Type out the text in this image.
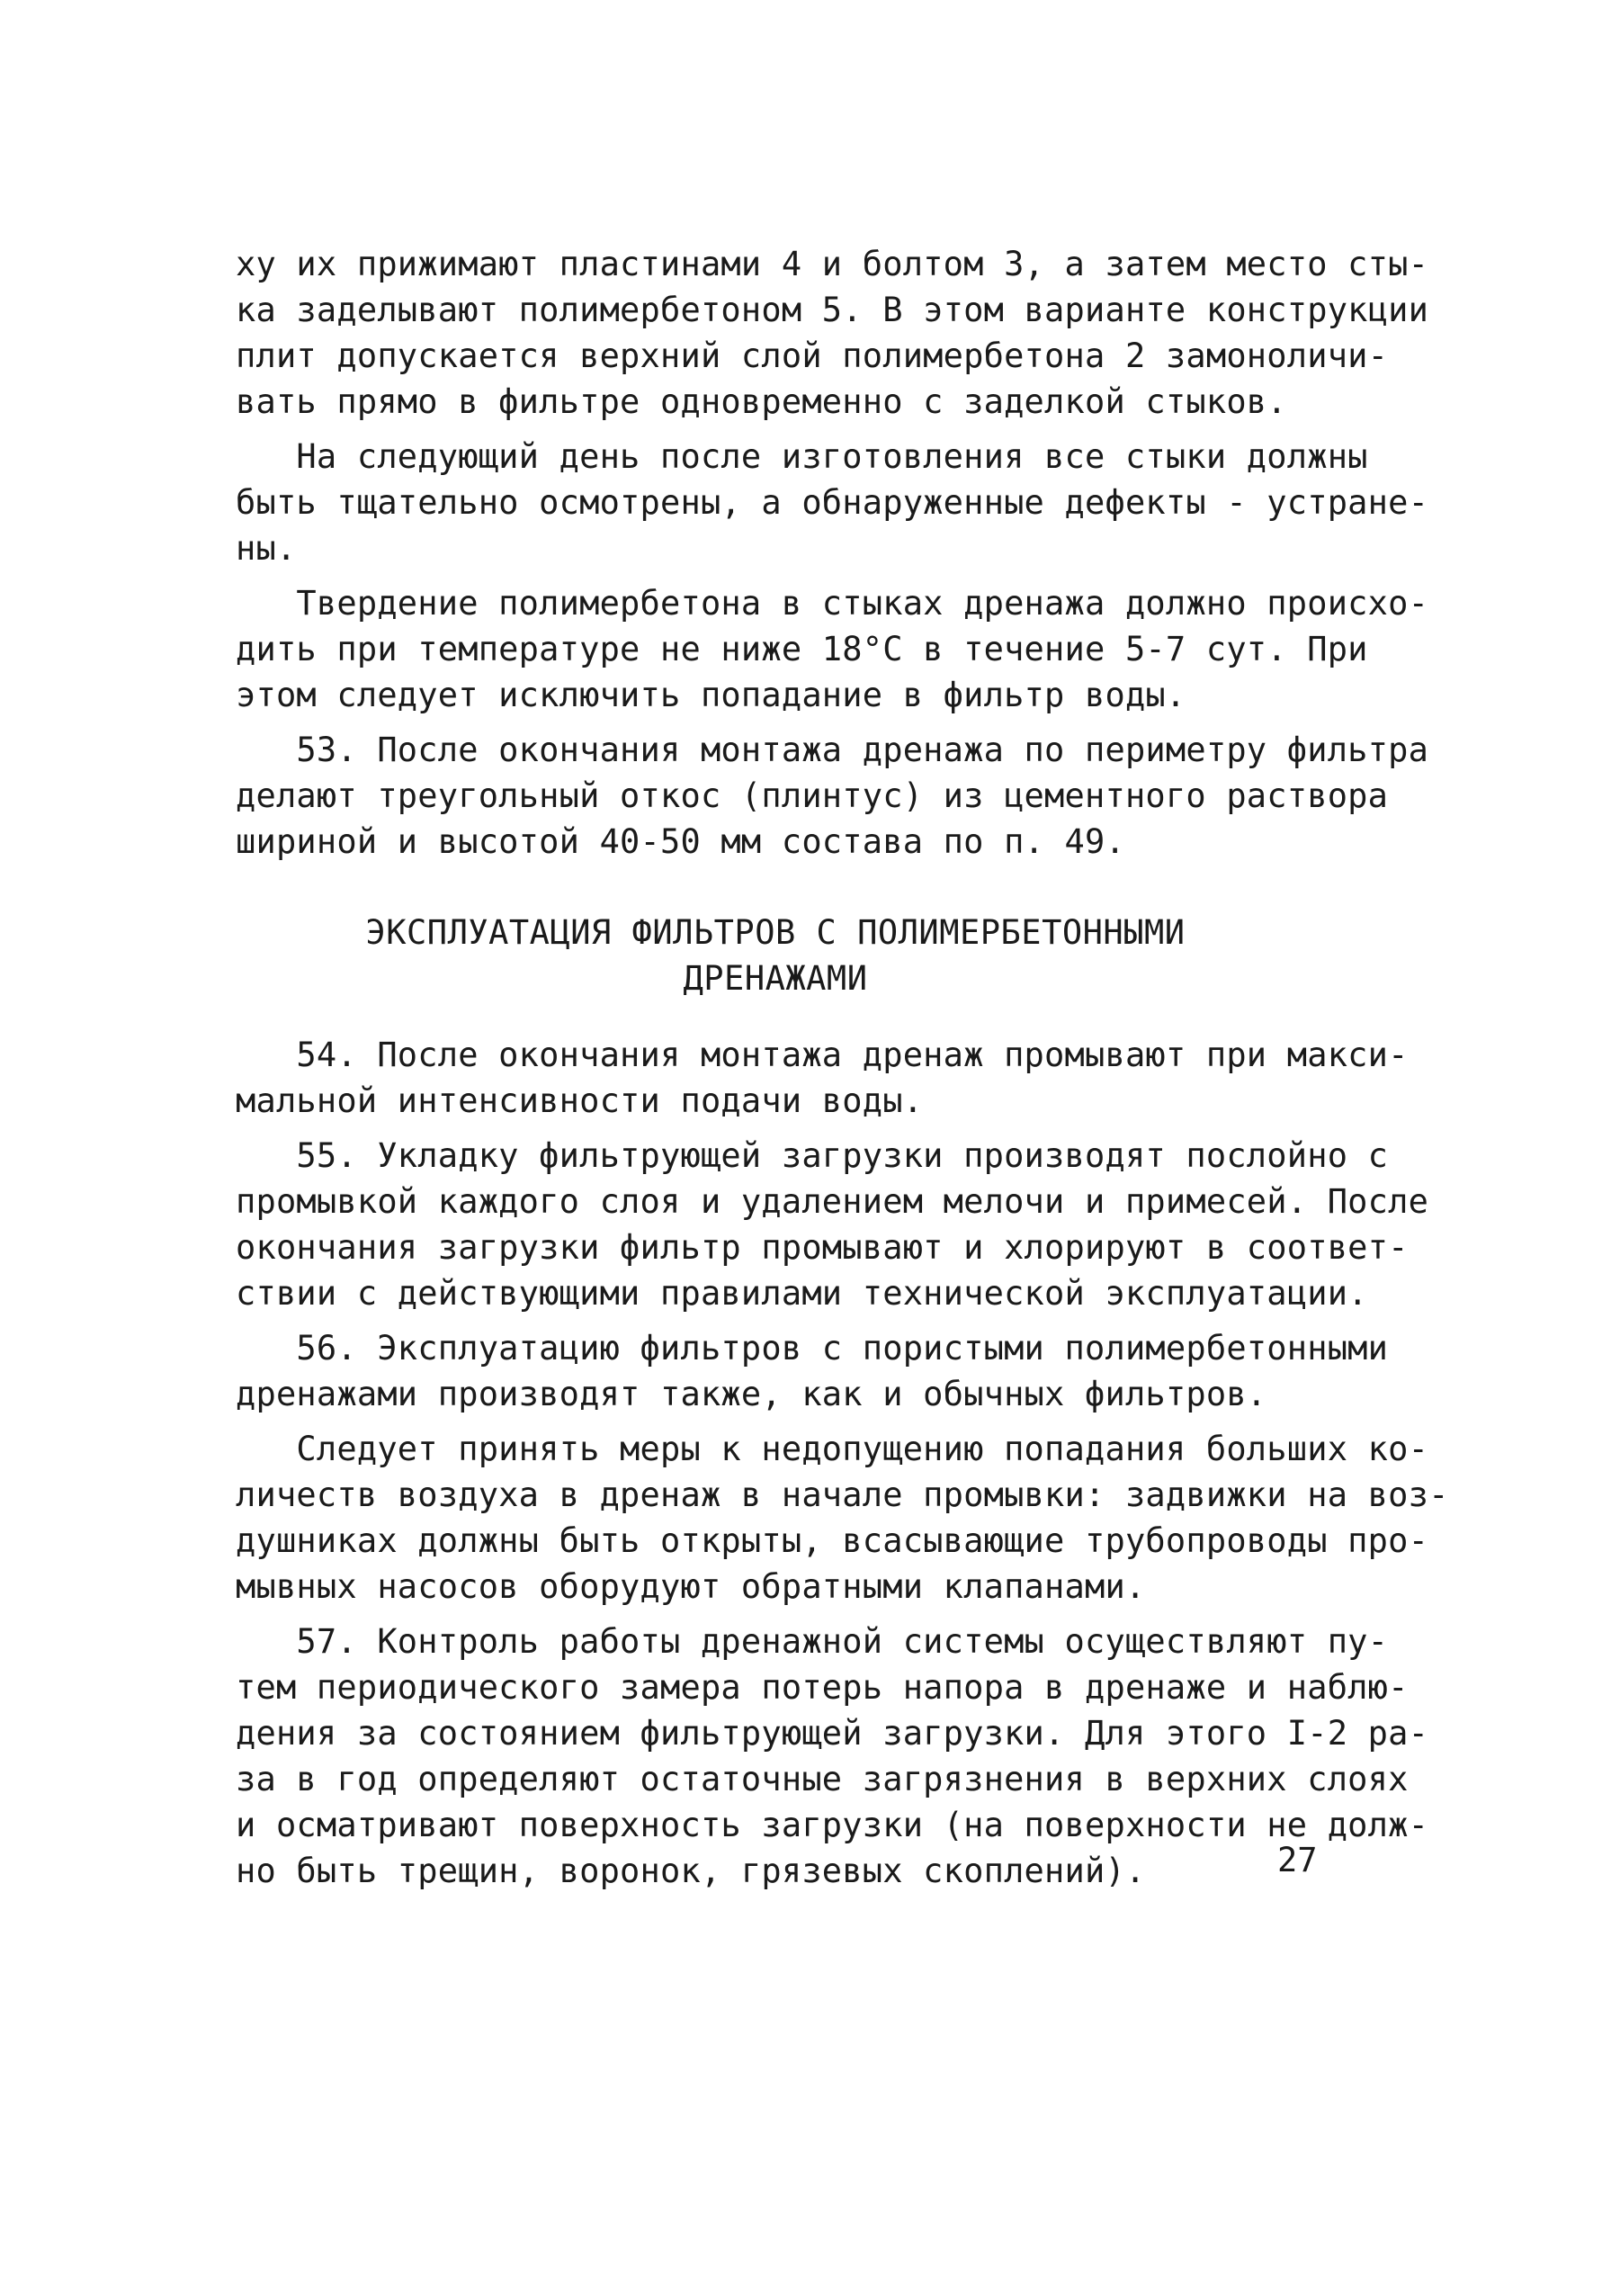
ху их прижимают пластинами 4 и болтом 3, а затем место сты-
ка заделывают полимербетоном 5. В этом варианте конструкции
плит допускается верхний слой полимербетона 2 замоноличи-
вать прямо в фильтре одновременно с заделкой стыков.
На следующий день после изготовления все стыки должны
быть тщательно осмотрены, а обнаруженные дефекты - устране-
ны.
Твердение полимербетона в стыках дренажа должно происхо-
дить при температуре не ниже 18°С в течение 5-7 сут. При
этом следует исключить попадание в фильтр воды.
53. После окончания монтажа дренажа по периметру фильтра
делают треугольный откос (плинтус) из цементного раствора
шириной и высотой 40-50 мм состава по п. 49.
ЭКСПЛУАТАЦИЯ ФИЛЬТРОВ С ПОЛИМЕРБЕТОННЫМИ
ДРЕНАЖАМИ
54. После окончания монтажа дренаж промывают при макси-
мальной интенсивности подачи воды.
55. Укладку фильтрующей загрузки производят послойно с
промывкой каждого слоя и удалением мелочи и примесей. После
окончания загрузки фильтр промывают и хлорируют в соответ-
ствии с действующими правилами технической эксплуатации.
56. Эксплуатацию фильтров с пористыми полимербетонными
дренажами производят также, как и обычных фильтров.
Следует принять меры к недопущению попадания больших ко-
личеств воздуха в дренаж в начале промывки: задвижки на воз-
душниках должны быть открыты, всасывающие трубопроводы про-
мывных насосов оборудуют обратными клапанами.
57. Контроль работы дренажной системы осуществляют пу-
тем периодического замера потерь напора в дренаже и наблю-
дения за состоянием фильтрующей загрузки. Для этого I-2 ра-
за в год определяют остаточные загрязнения в верхних слоях
и осматривают поверхность загрузки (на поверхности не долж-
но быть трещин, воронок, грязевых скоплений).	27
